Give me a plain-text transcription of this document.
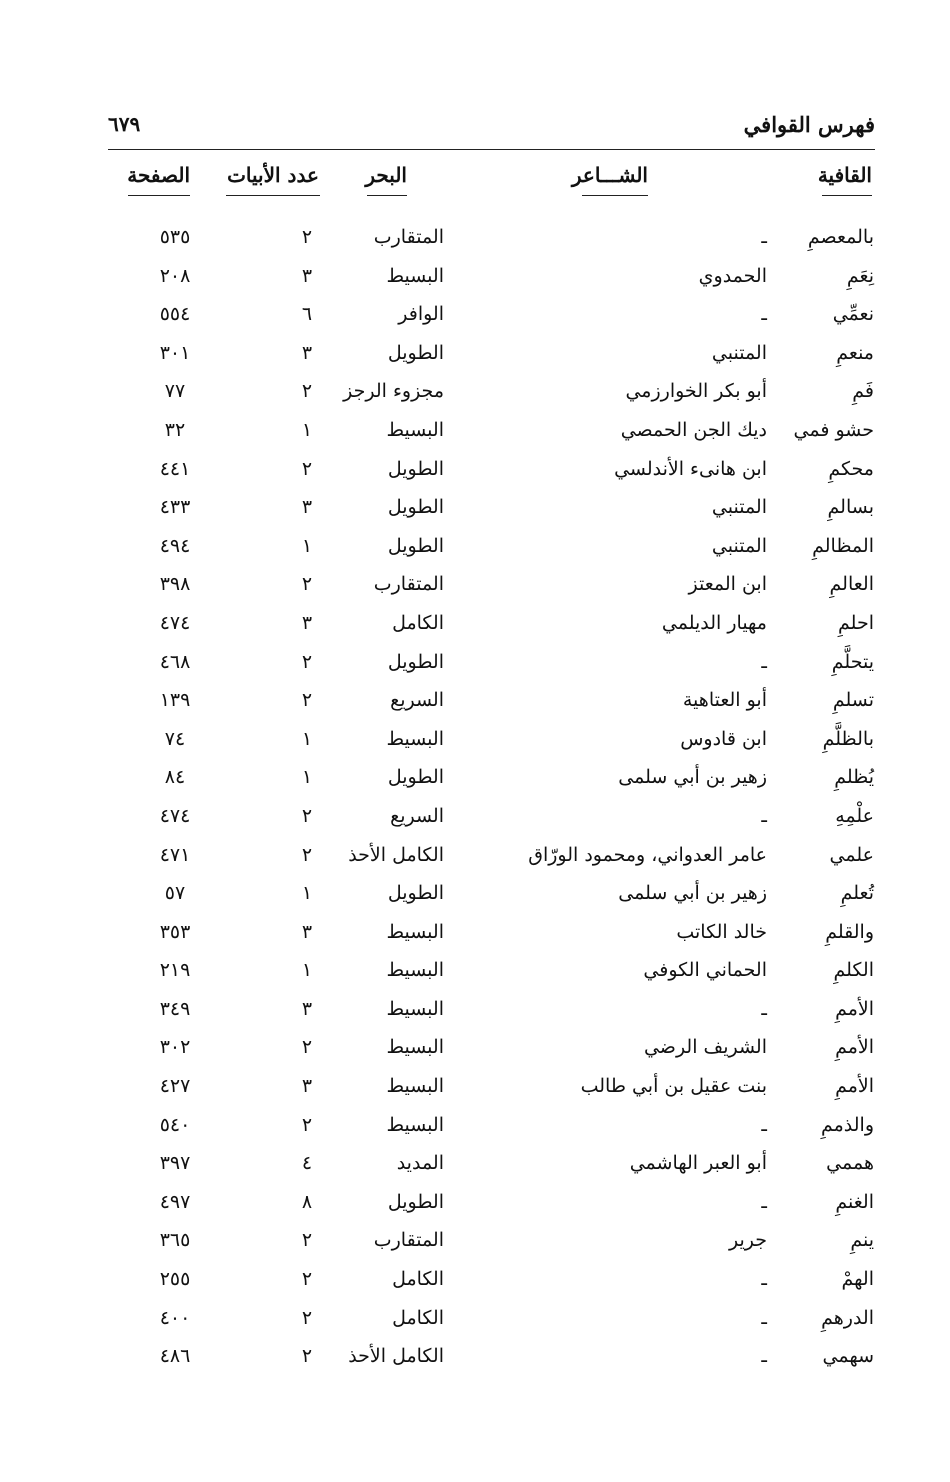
فهرس القوافي
٦٧٩
القافية
الشـــاعر
البحر
عدد الأبيات
الصفحة
بالمعصمِ
ـ
المتقارب
٢
٥٣٥
نِعَمِ
الحمدوي
البسيط
٣
٢٠٨
نعمِّي
ـ
الوافر
٦
٥٥٤
منعمِ
المتنبي
الطويل
٣
٣٠١
فَمِ
أبو بكر الخوارزمي
مجزوء الرجز
٢
٧٧
حشو فمي
ديك الجن الحمصي
البسيط
١
٣٢
محكمِ
ابن هانىء الأندلسي
الطويل
٢
٤٤١
بسالمِ
المتنبي
الطويل
٣
٤٣٣
المظالمِ
المتنبي
الطويل
١
٤٩٤
العالمِ
ابن المعتز
المتقارب
٢
٣٩٨
احلمِ
مهيار الديلمي
الكامل
٣
٤٧٤
يتحلَّمِ
ـ
الطويل
٢
٤٦٨
تسلمِ
أبو العتاهية
السريع
٢
١٣٩
بالظلَّمِ
ابن قادوس
البسيط
١
٧٤
يُظلمِ
زهير بن أبي سلمى
الطويل
١
٨٤
علْمِهِ
ـ
السريع
٢
٤٧٤
علمي
عامر العدواني، ومحمود الورّاق
الكامل الأحذ
٢
٤٧١
تُعلمِ
زهير بن أبي سلمى
الطويل
١
٥٧
والقلمِ
خالد الكاتب
البسيط
٣
٣٥٣
الكلمِ
الحماني الكوفي
البسيط
١
٢١٩
الأممِ
ـ
البسيط
٣
٣٤٩
الأممِ
الشريف الرضي
البسيط
٢
٣٠٢
الأممِ
بنت عقيل بن أبي طالب
البسيط
٣
٤٢٧
والذممِ
ـ
البسيط
٢
٥٤٠
هممي
أبو العبر الهاشمي
المديد
٤
٣٩٧
الغنمِ
ـ
الطويل
٨
٤٩٧
ينمِ
جرير
المتقارب
٢
٣٦٥
الهمْ
ـ
الكامل
٢
٢٥٥
الدرهمِ
ـ
الكامل
٢
٤٠٠
سهمي
ـ
الكامل الأحذ
٢
٤٨٦
